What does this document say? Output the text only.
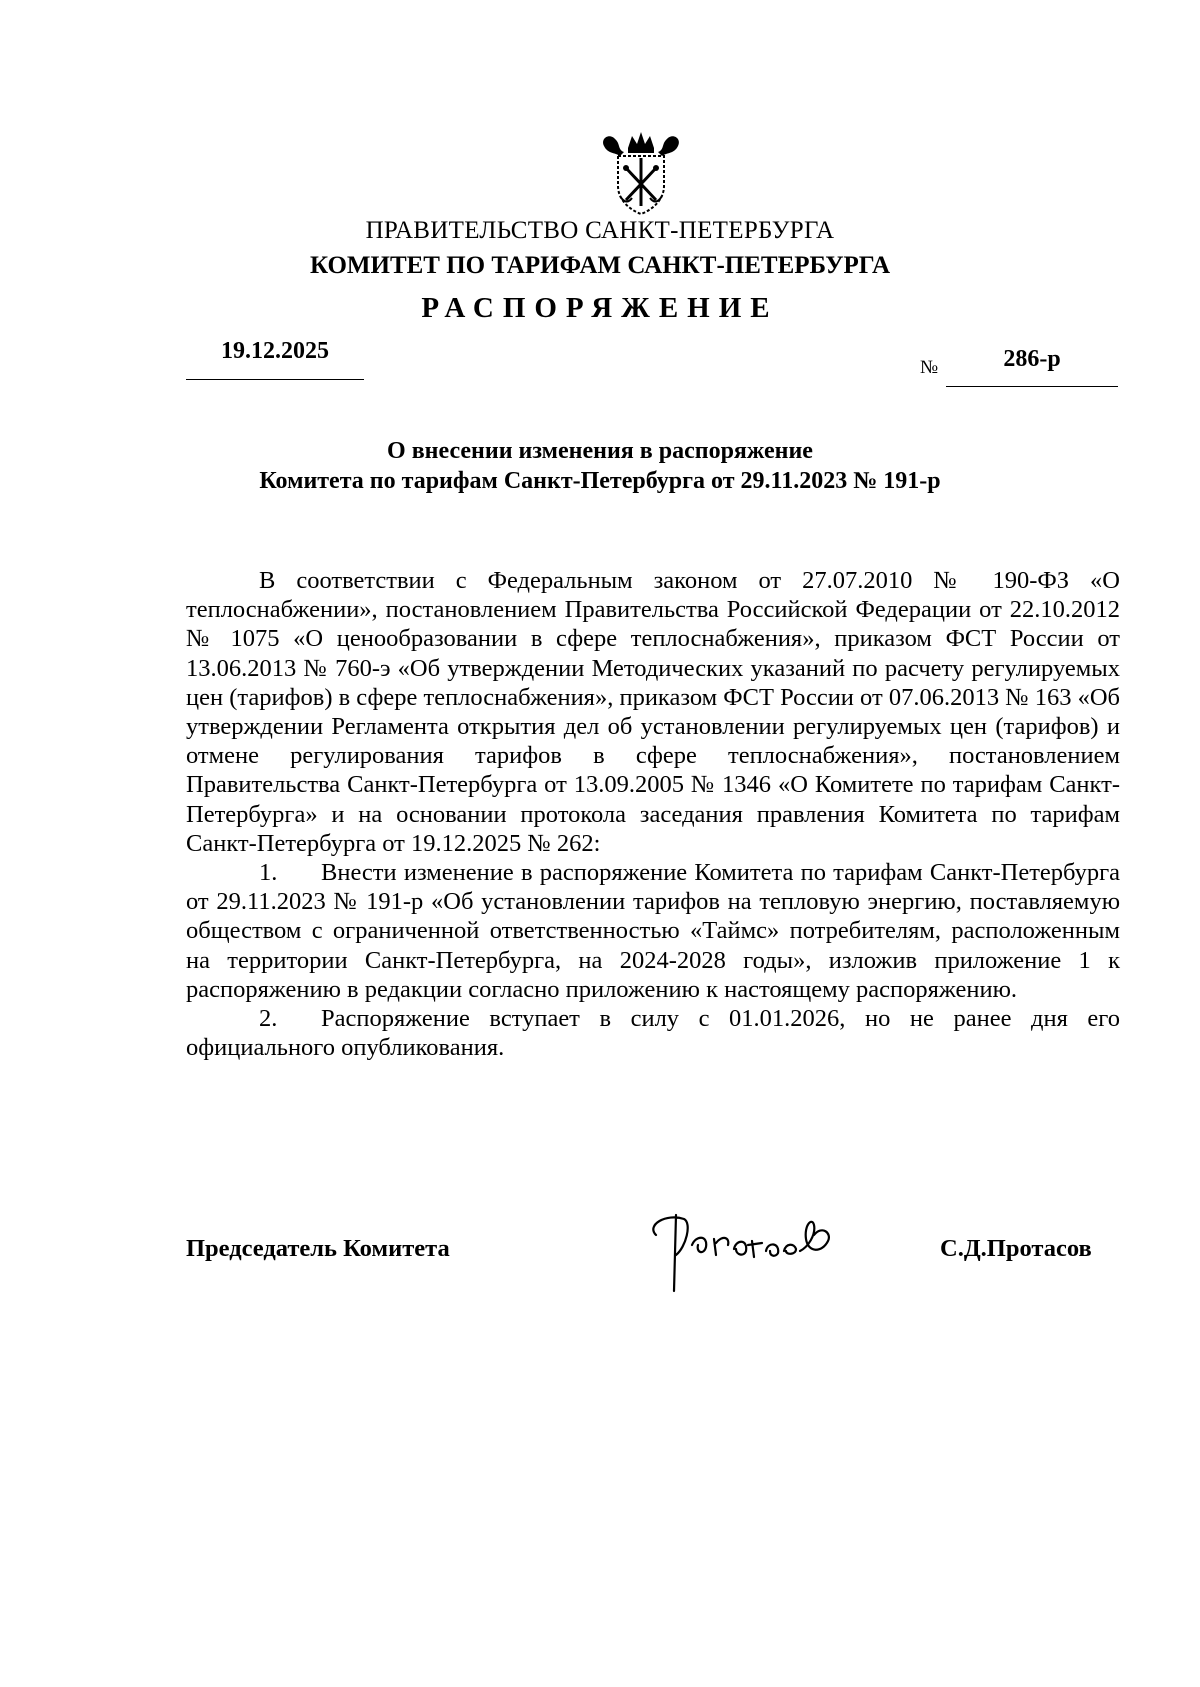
ПРАВИТЕЛЬСТВО САНКТ-ПЕТЕРБУРГА
КОМИТЕТ ПО ТАРИФАМ САНКТ-ПЕТЕРБУРГА
РАСПОРЯЖЕНИЕ
19.12.2025
№	286-р
О внесении изменения в распоряжение
Комитета по тарифам Санкт-Петербурга от 29.11.2023 № 191-р

В соответствии с Федеральным законом от 27.07.2010 № 190-ФЗ «О теплоснабжении», постановлением Правительства Российской Федерации от 22.10.2012 № 1075 «О ценообразовании в сфере теплоснабжения», приказом ФСТ России от 13.06.2013 № 760-э «Об утверждении Методических указаний по расчету регулируемых цен (тарифов) в сфере теплоснабжения», приказом ФСТ России от 07.06.2013 № 163 «Об утверждении Регламента открытия дел об установлении регулируемых цен (тарифов) и отмене регулирования тарифов в сфере теплоснабжения», постановлением Правительства Санкт-Петербурга от 13.09.2005 № 1346 «О Комитете по тарифам Санкт-Петербурга» и на основании протокола заседания правления Комитета по тарифам Санкт-Петербурга от 19.12.2025 № 262:

1. Внести изменение в распоряжение Комитета по тарифам Санкт-Петербурга от 29.11.2023 № 191-р «Об установлении тарифов на тепловую энергию, поставляемую обществом с ограниченной ответственностью «Таймс» потребителям, расположенным на территории Санкт-Петербурга, на 2024-2028 годы», изложив приложение 1 к распоряжению в редакции согласно приложению к настоящему распоряжению.

2. Распоряжение вступает в силу с 01.01.2026, но не ранее дня его официального опубликования.

Председатель Комитета	С.Д.Протасов
